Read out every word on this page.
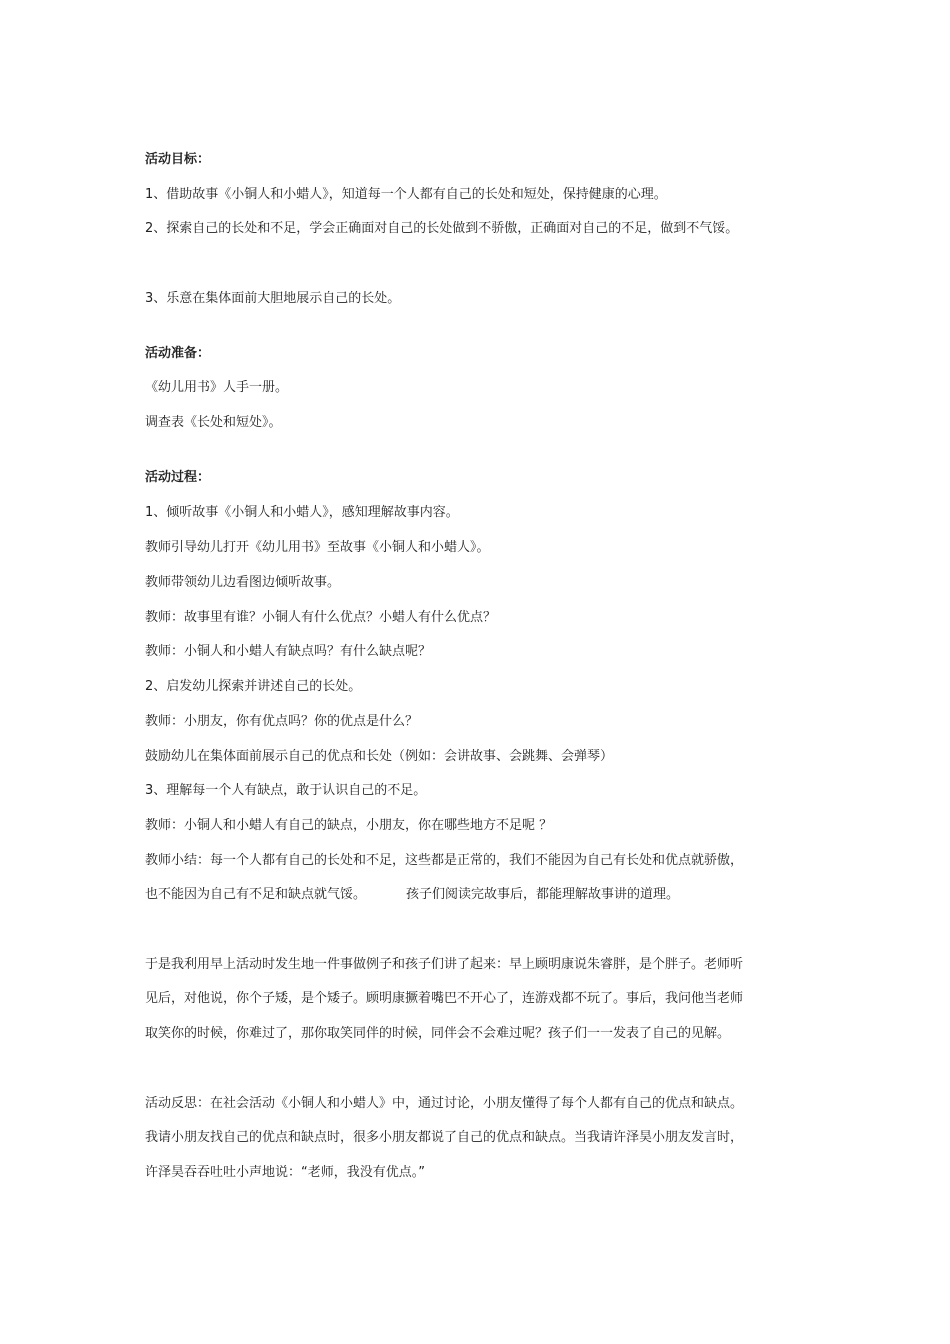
活动目标：
1、借助故事《小铜人和小蜡人》，知道每一个人都有自己的长处和短处，保持健康的心理。
2、探索自己的长处和不足，学会正确面对自己的长处做到不骄傲，正确面对自己的不足，做到不气馁。
3、乐意在集体面前大胆地展示自己的长处。
活动准备：
《幼儿用书》人手一册。
调查表《长处和短处》。
活动过程：
1、倾听故事《小铜人和小蜡人》，感知理解故事内容。
教师引导幼儿打开《幼儿用书》至故事《小铜人和小蜡人》。
教师带领幼儿边看图边倾听故事。
教师：故事里有谁？小铜人有什么优点？小蜡人有什么优点？
教师：小铜人和小蜡人有缺点吗？有什么缺点呢？
2、启发幼儿探索并讲述自己的长处。
教师：小朋友，你有优点吗？你的优点是什么？
鼓励幼儿在集体面前展示自己的优点和长处（例如：会讲故事、会跳舞、会弹琴）
3、理解每一个人有缺点，敢于认识自己的不足。
教师：小铜人和小蜡人有自己的缺点，小朋友，你在哪些地方不足呢 ？
教师小结：每一个人都有自己的长处和不足，这些都是正常的，我们不能因为自己有长处和优点就骄傲，
也不能因为自己有不足和缺点就气馁。	孩子们阅读完故事后，都能理解故事讲的道理。
于是我利用早上活动时发生地一件事做例子和孩子们讲了起来：早上顾明康说朱睿胖，是个胖子。老师听
见后，对他说，你个子矮，是个矮子。顾明康撅着嘴巴不开心了，连游戏都不玩了。事后，我问他当老师
取笑你的时候，你难过了，那你取笑同伴的时候，同伴会不会难过呢？孩子们一一发表了自己的见解。
活动反思：在社会活动《小铜人和小蜡人》中，通过讨论，小朋友懂得了每个人都有自己的优点和缺点。
我请小朋友找自己的优点和缺点时，很多小朋友都说了自己的优点和缺点。当我请许泽昊小朋友发言时，
许泽昊吞吞吐吐小声地说：“老师，我没有优点。”
